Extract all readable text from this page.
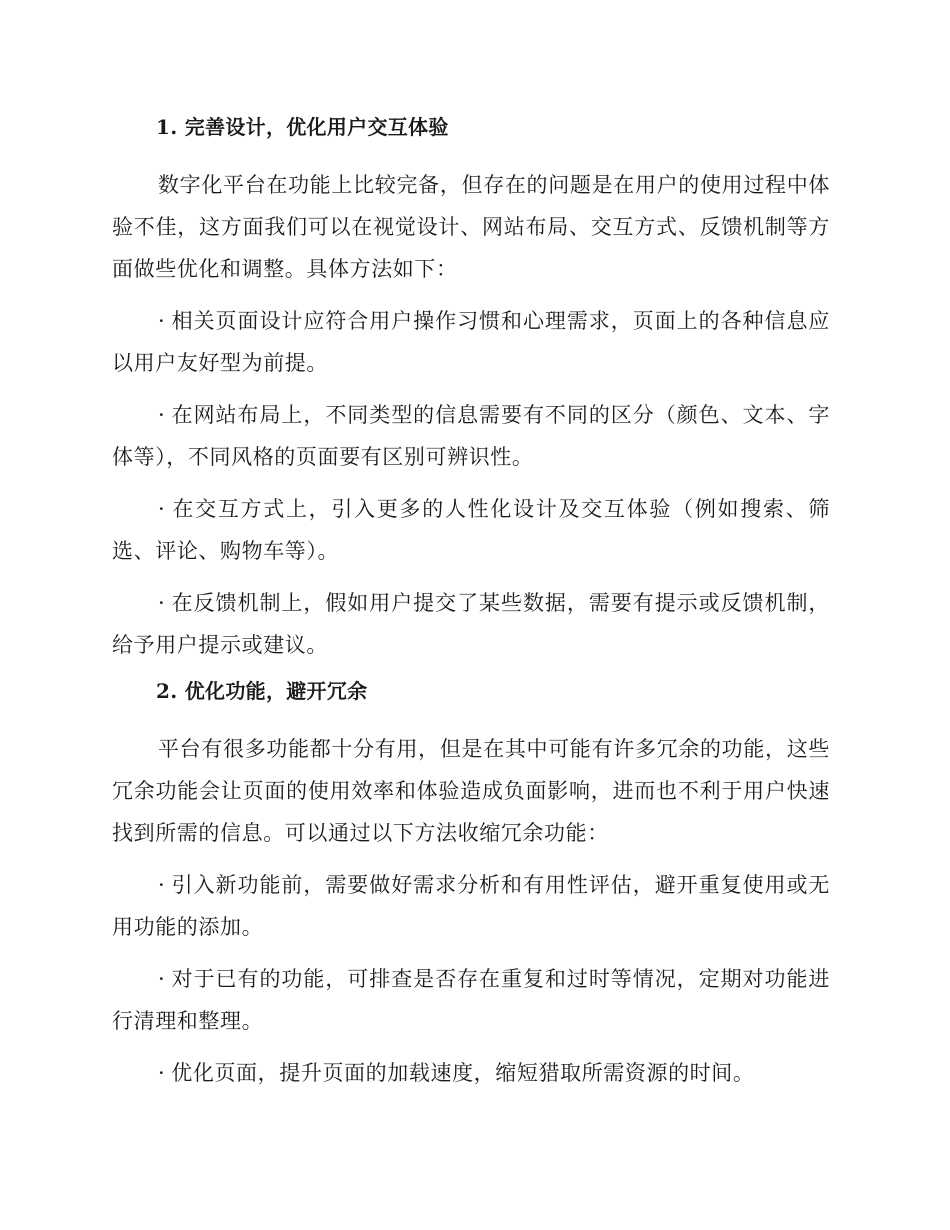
1. 完善设计，优化用户交互体验

数字化平台在功能上比较完备，但存在的问题是在用户的使用过程中体验不佳，这方面我们可以在视觉设计、网站布局、交互方式、反馈机制等方面做些优化和调整。具体方法如下：

· 相关页面设计应符合用户操作习惯和心理需求，页面上的各种信息应以用户友好型为前提。

· 在网站布局上，不同类型的信息需要有不同的区分（颜色、文本、字体等），不同风格的页面要有区别可辨识性。

· 在交互方式上，引入更多的人性化设计及交互体验（例如搜索、筛选、评论、购物车等）。

· 在反馈机制上，假如用户提交了某些数据，需要有提示或反馈机制，给予用户提示或建议。

2. 优化功能，避开冗余

平台有很多功能都十分有用，但是在其中可能有许多冗余的功能，这些冗余功能会让页面的使用效率和体验造成负面影响，进而也不利于用户快速找到所需的信息。可以通过以下方法收缩冗余功能：

· 引入新功能前，需要做好需求分析和有用性评估，避开重复使用或无用功能的添加。

· 对于已有的功能，可排查是否存在重复和过时等情况，定期对功能进行清理和整理。

· 优化页面，提升页面的加载速度，缩短猎取所需资源的时间。
